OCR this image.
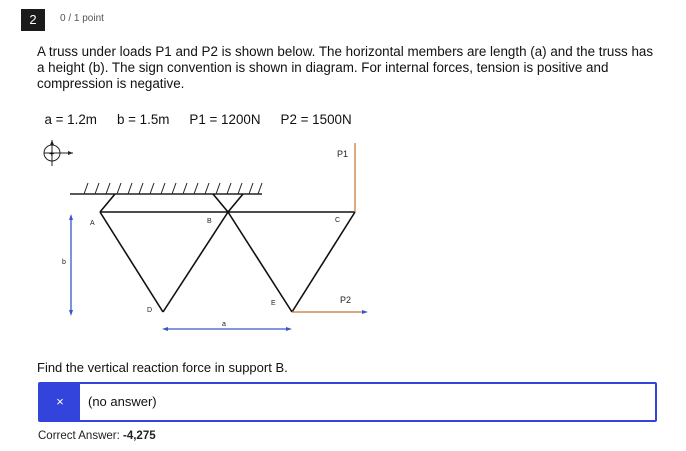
2	0 / 1 point
A truss under loads P1 and P2 is shown below. The horizontal members are length (a) and the truss has a height (b). The sign convention is shown in diagram. For internal forces, tension is positive and compression is negative.

a = 1.2m b = 1.5m P1 = 1200N P2 = 1500N

+
A	B	C
D
E
b
a
P1
P2
Find the vertical reaction force in support B.
×	(no answer)
Correct Answer: -4,275
